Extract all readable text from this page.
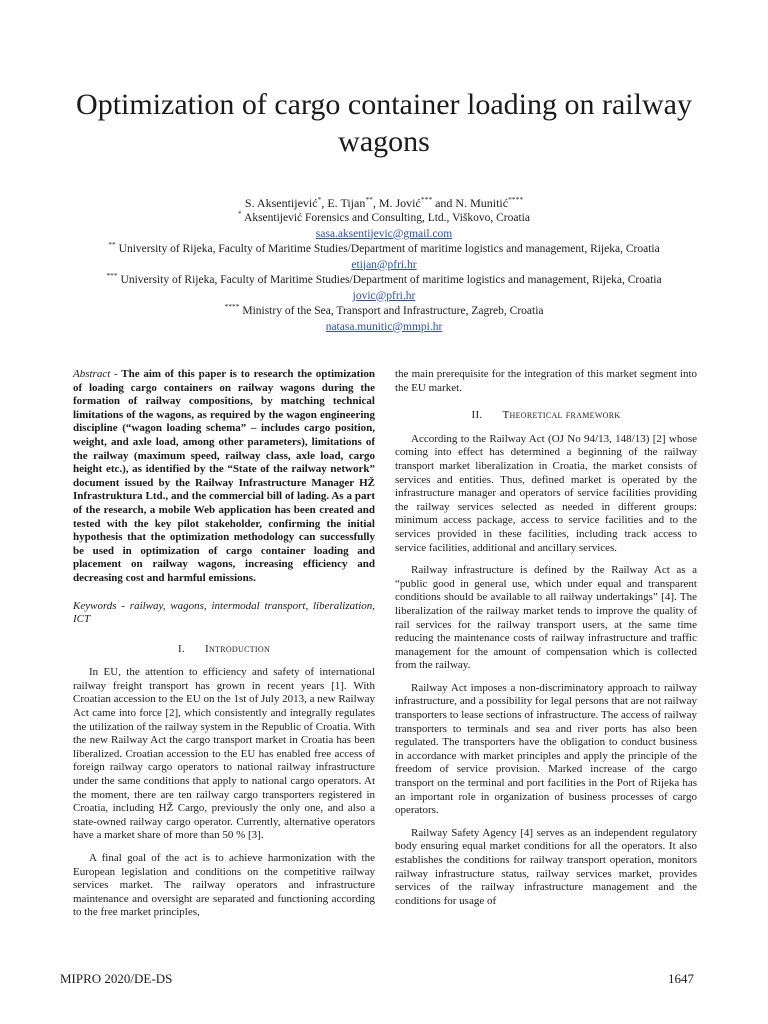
Optimization of cargo container loading on railway wagons
S. Aksentijević*, E. Tijan**, M. Jović*** and N. Munitić****
* Aksentijević Forensics and Consulting, Ltd., Viškovo, Croatia
sasa.aksentijevic@gmail.com
** University of Rijeka, Faculty of Maritime Studies/Department of maritime logistics and management, Rijeka, Croatia
etijan@pfri.hr
*** University of Rijeka, Faculty of Maritime Studies/Department of maritime logistics and management, Rijeka, Croatia
jovic@pfri.hr
**** Ministry of the Sea, Transport and Infrastructure, Zagreb, Croatia
natasa.munitic@mmpi.hr

Abstract - The aim of this paper is to research the optimization of loading cargo containers on railway wagons during the formation of railway compositions, by matching technical limitations of the wagons, as required by the wagon engineering discipline (“wagon loading schema” – includes cargo position, weight, and axle load, among other parameters), limitations of the railway (maximum speed, railway class, axle load, cargo height etc.), as identified by the “State of the railway network” document issued by the Railway Infrastructure Manager HŽ Infrastruktura Ltd., and the commercial bill of lading. As a part of the research, a mobile Web application has been created and tested with the key pilot stakeholder, confirming the initial hypothesis that the optimization methodology can successfully be used in optimization of cargo container loading and placement on railway wagons, increasing efficiency and decreasing cost and harmful emissions.

Keywords - railway, wagons, intermodal transport, liberalization, ICT

I. Introduction

In EU, the attention to efficiency and safety of international railway freight transport has grown in recent years [1]. With Croatian accession to the EU on the 1st of July 2013, a new Railway Act came into force [2], which consistently and integrally regulates the utilization of the railway system in the Republic of Croatia. With the new Railway Act the cargo transport market in Croatia has been liberalized. Croatian accession to the EU has enabled free access of foreign railway cargo operators to national railway infrastructure under the same conditions that apply to national cargo operators. At the moment, there are ten railway cargo transporters registered in Croatia, including HŽ Cargo, previously the only one, and also a state-owned railway cargo operator. Currently, alternative operators have a market share of more than 50 % [3].

A final goal of the act is to achieve harmonization with the European legislation and conditions on the competitive railway services market. The railway operators and infrastructure maintenance and oversight are separated and functioning according to the free market principles,

the main prerequisite for the integration of this market segment into the EU market.

II. Theoretical framework

According to the Railway Act (OJ No 94/13, 148/13) [2] whose coming into effect has determined a beginning of the railway transport market liberalization in Croatia, the market consists of services and entities. Thus, defined market is operated by the infrastructure manager and operators of service facilities providing the railway services selected as needed in different groups: minimum access package, access to service facilities and to the services provided in these facilities, including track access to service facilities, additional and ancillary services.

Railway infrastructure is defined by the Railway Act as a “public good in general use, which under equal and transparent conditions should be available to all railway undertakings” [4]. The liberalization of the railway market tends to improve the quality of rail services for the railway transport users, at the same time reducing the maintenance costs of railway infrastructure and traffic management for the amount of compensation which is collected from the railway.

Railway Act imposes a non-discriminatory approach to railway infrastructure, and a possibility for legal persons that are not railway transporters to lease sections of infrastructure. The access of railway transporters to terminals and sea and river ports has also been regulated. The transporters have the obligation to conduct business in accordance with market principles and apply the principle of the freedom of service provision. Marked increase of the cargo transport on the terminal and port facilities in the Port of Rijeka has an important role in organization of business processes of cargo operators.

Railway Safety Agency [4] serves as an independent regulatory body ensuring equal market conditions for all the operators. It also establishes the conditions for railway transport operation, monitors railway infrastructure status, railway services market, provides services of the railway infrastructure management and the conditions for usage of

MIPRO 2020/DE-DS	1647
